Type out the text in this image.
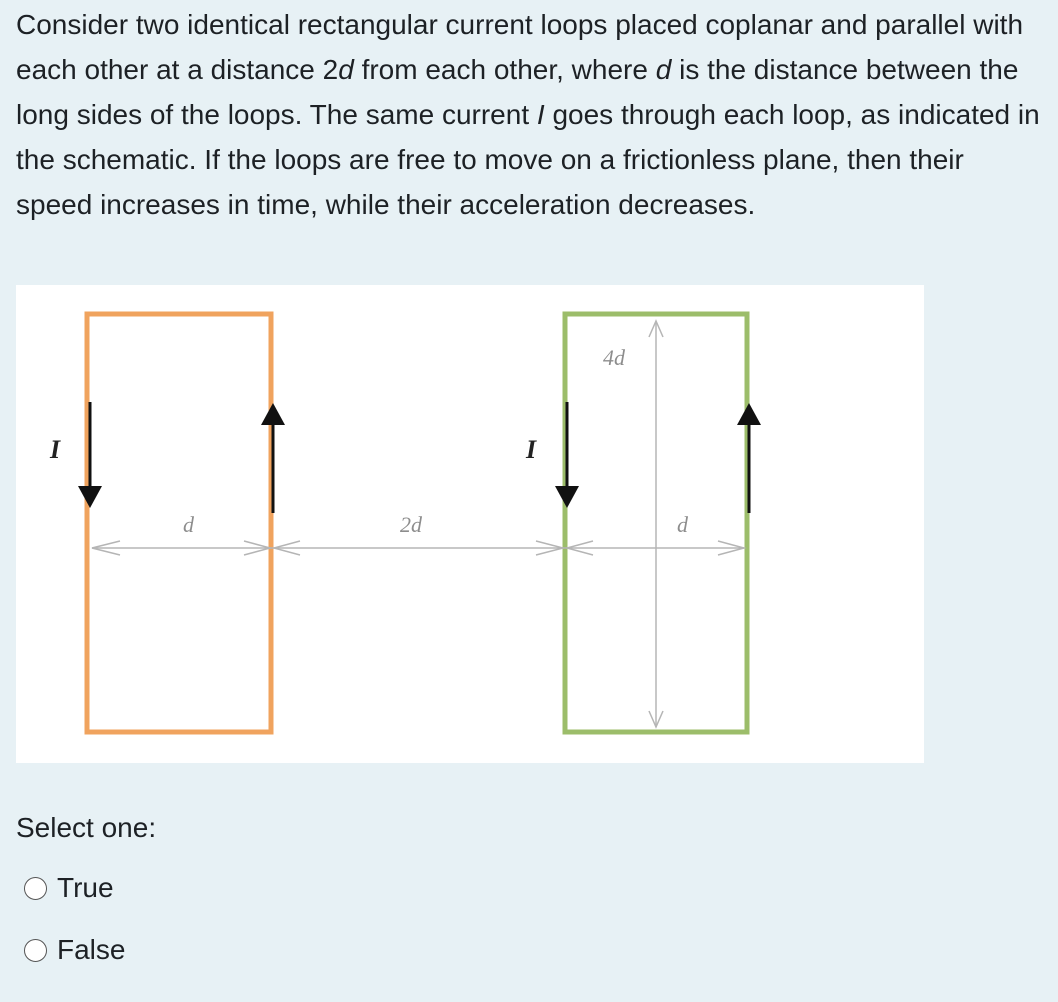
Consider two identical rectangular current loops placed coplanar and parallel with each other at a distance 2d from each other, where d is the distance between the long sides of the loops. The same current I goes through each loop, as indicated in the schematic. If the loops are free to move on a frictionless plane, then their speed increases in time, while their acceleration decreases.

I	I
d	2d	d
4d

Select one:

True
False
